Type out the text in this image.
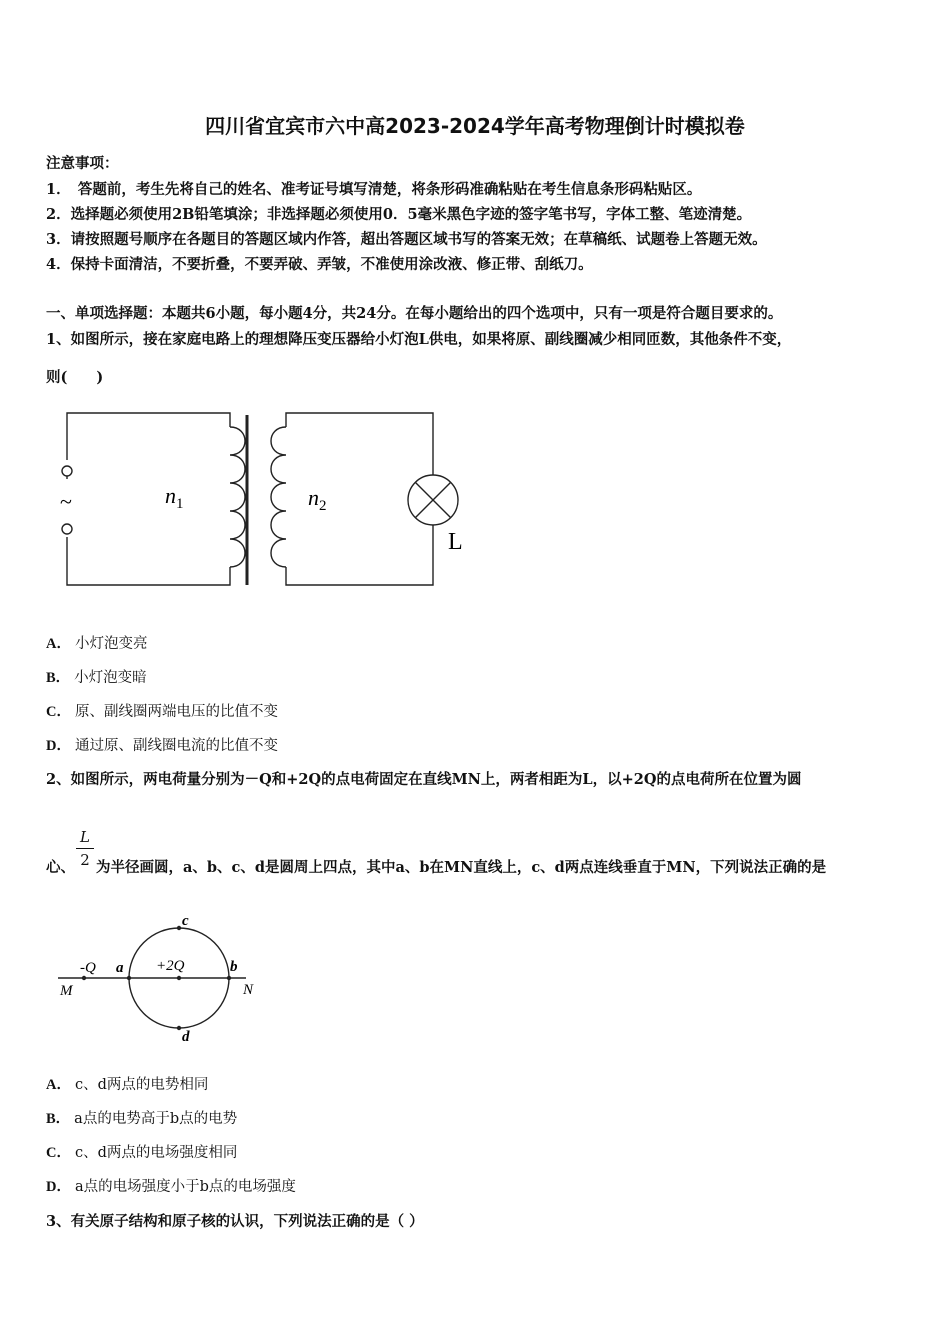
四川省宜宾市六中高2023-2024学年高考物理倒计时模拟卷
注意事项：
1．　答题前，考生先将自己的姓名、准考证号填写清楚，将条形码准确粘贴在考生信息条形码粘贴区。
2．选择题必须使用2B铅笔填涂；非选择题必须使用0．5毫米黑色字迹的签字笔书写，字体工整、笔迹清楚。
3．请按照题号顺序在各题目的答题区域内作答，超出答题区域书写的答案无效；在草稿纸、试题卷上答题无效。
4．保持卡面清洁，不要折叠，不要弄破、弄皱，不准使用涂改液、修正带、刮纸刀。
一、单项选择题：本题共6小题，每小题4分，共24分。在每小题给出的四个选项中，只有一项是符合题目要求的。
1、如图所示，接在家庭电路上的理想降压变压器给小灯泡L供电，如果将原、副线圈减少相同匝数，其他条件不变，
则(　　)
~	$n_1$	$n_2$
L
A． 小灯泡变亮
B． 小灯泡变暗
C． 原、副线圈两端电压的比值不变
D． 通过原、副线圈电流的比值不变
2、如图所示，两电荷量分别为－Q和+2Q的点电荷固定在直线MN上，两者相距为L，以+2Q的点电荷所在位置为圆
心、
L
2 为半径画圆，a、b、c、d是圆周上四点，其中a、b在MN直线上，c、d两点连线垂直于MN，下列说法正确的是
-Q a +2Q	b
c
d
M	N
A． c、d两点的电势相同
B． a点的电势高于b点的电势
C． c、d两点的电场强度相同
D． a点的电场强度小于b点的电场强度
3、有关原子结构和原子核的认识，下列说法正确的是（ ）
